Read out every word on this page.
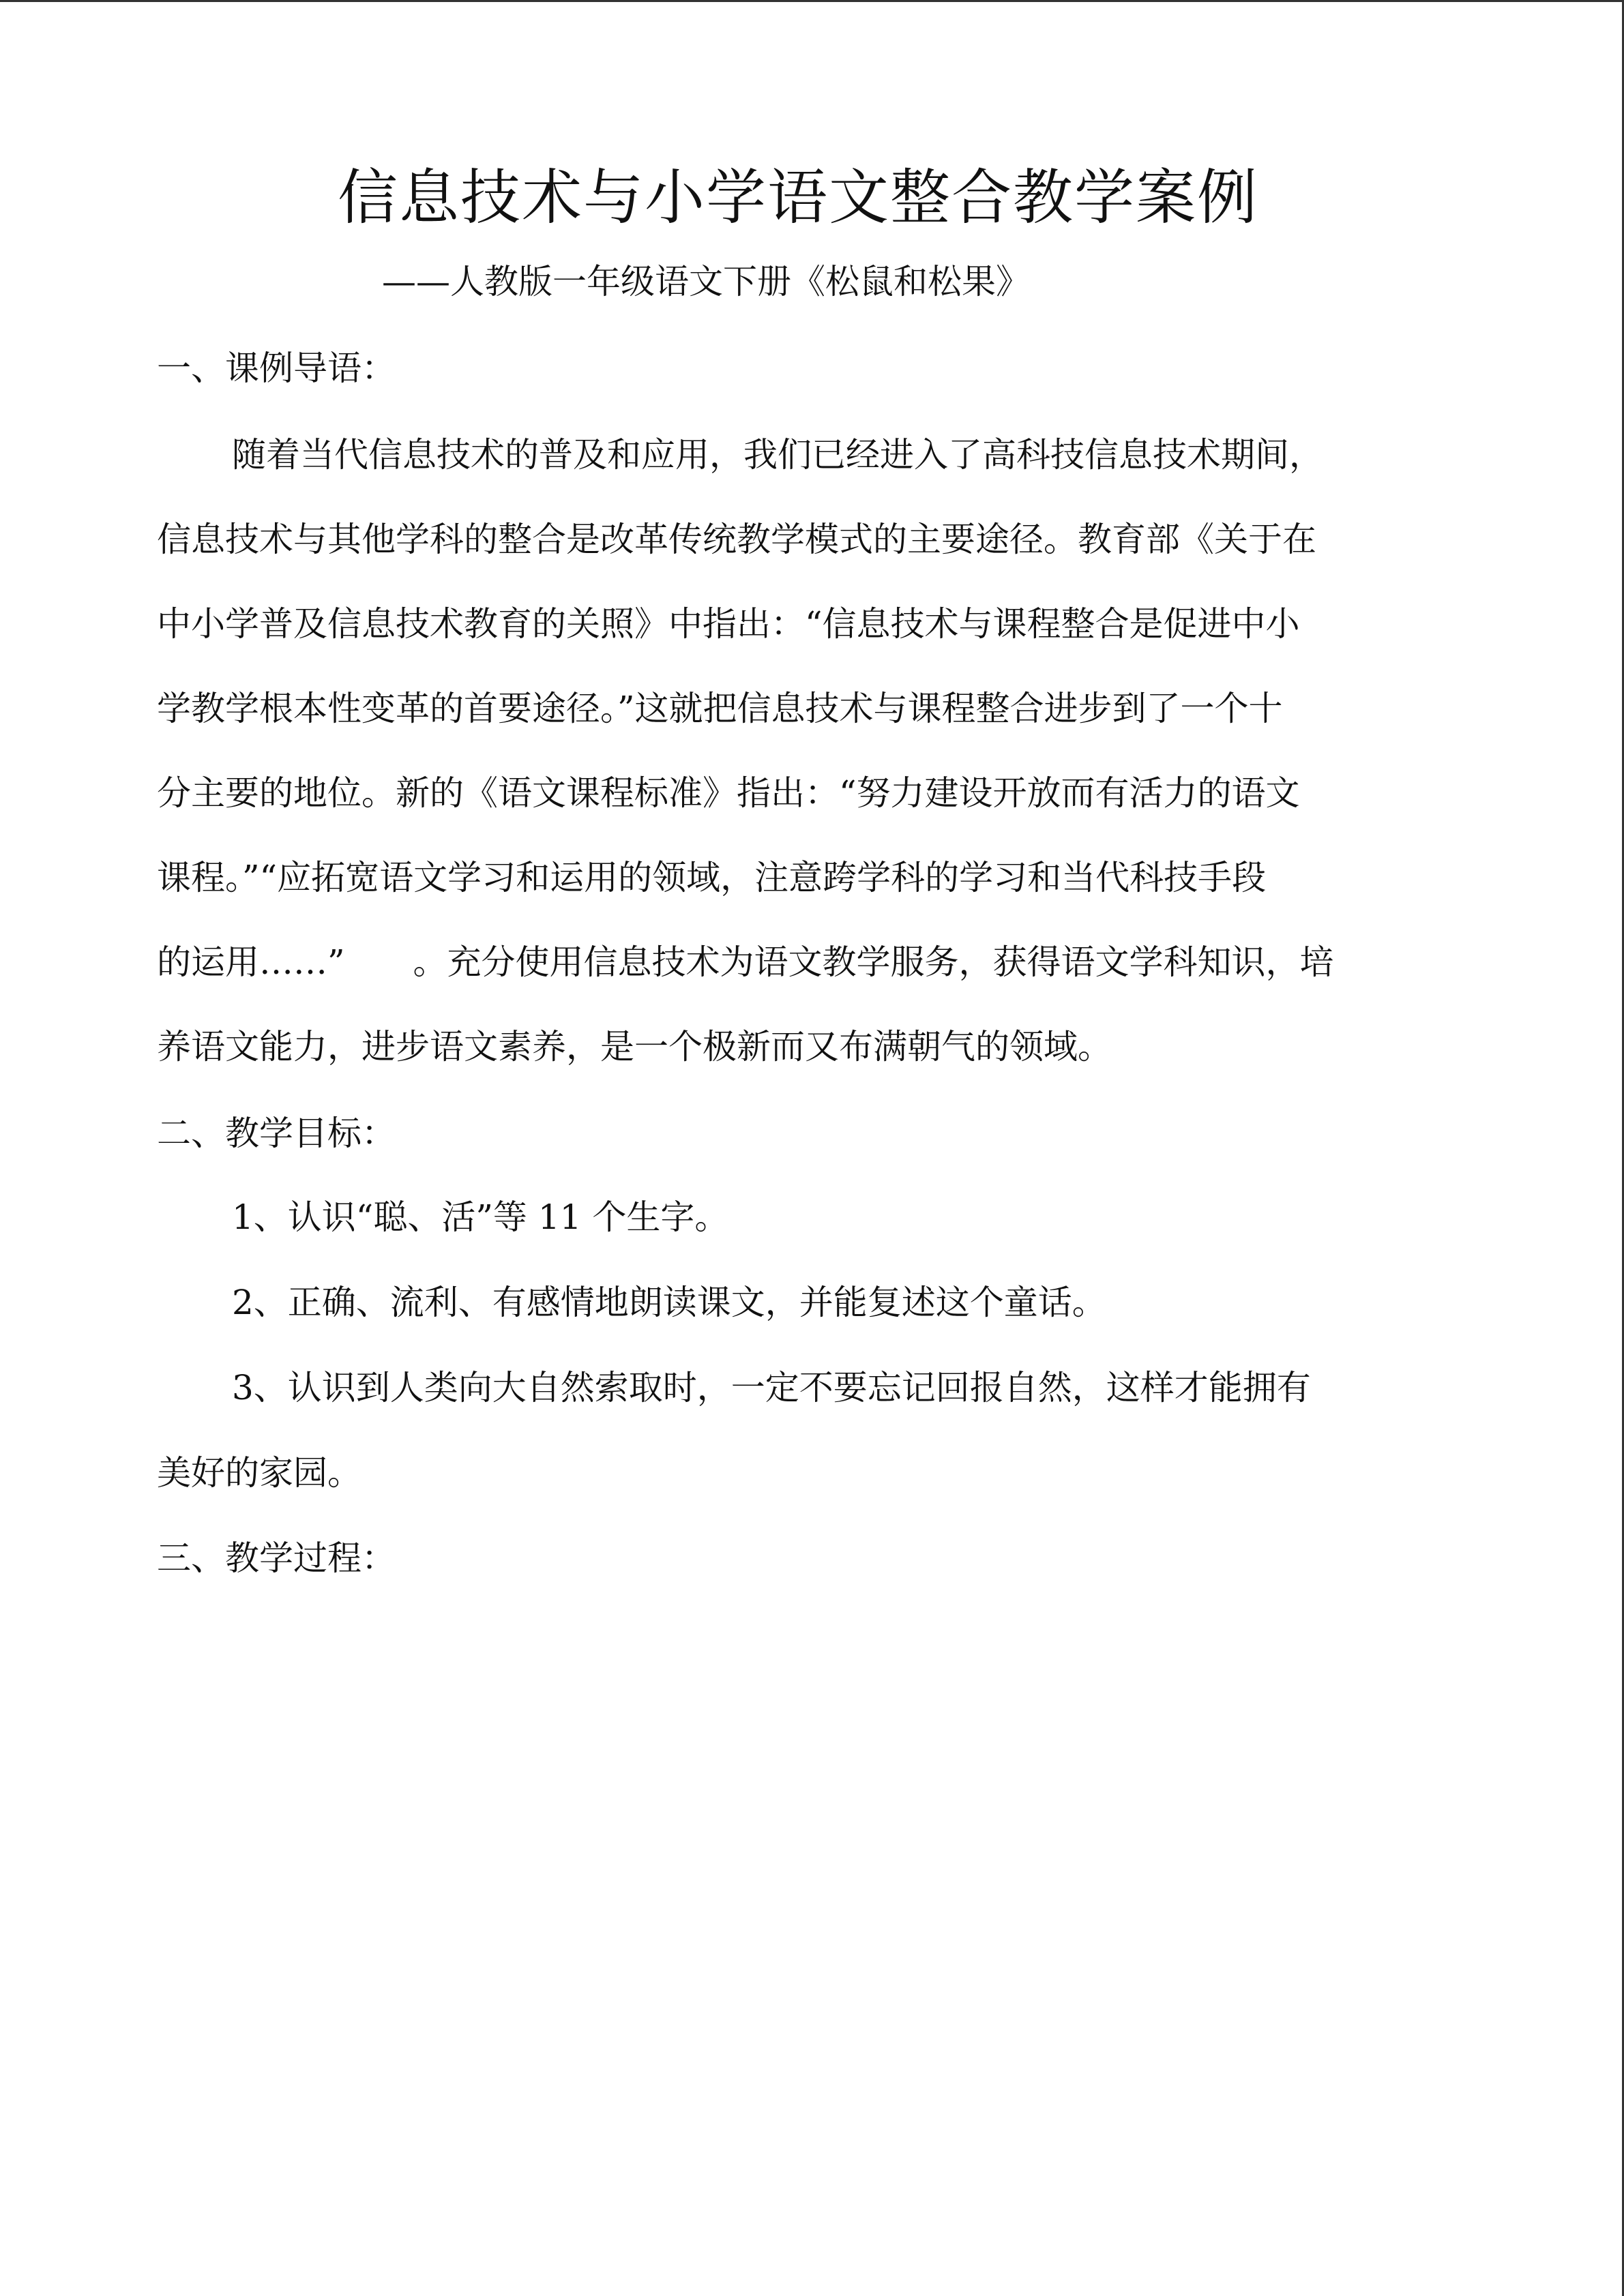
信息技术与小学语文整合教学案例

——人教版一年级语文下册《松鼠和松果》

一、课例导语：
随着当代信息技术的普及和应用，我们已经进入了高科技信息技术期间，
信息技术与其他学科的整合是改革传统教学模式的主要途径。教育部《关于在
中小学普及信息技术教育的关照》中指出：“信息技术与课程整合是促进中小
学教学根本性变革的首要途径。”这就把信息技术与课程整合进步到了一个十
分主要的地位。新的《语文课程标准》指出：“努力建设开放而有活力的语文
课程。”“应拓宽语文学习和运用的领域，注意跨学科的学习和当代科技手段
的运用……”　　。充分使用信息技术为语文教学服务，获得语文学科知识，培
养语文能力，进步语文素养，是一个极新而又布满朝气的领域。
二、教学目标：

1、认识“聪、活”等 11 个生字。

2、正确、流利、有感情地朗读课文，并能复述这个童话。

3、认识到人类向大自然索取时，一定不要忘记回报自然，这样才能拥有

美好的家园。

三、教学过程：
